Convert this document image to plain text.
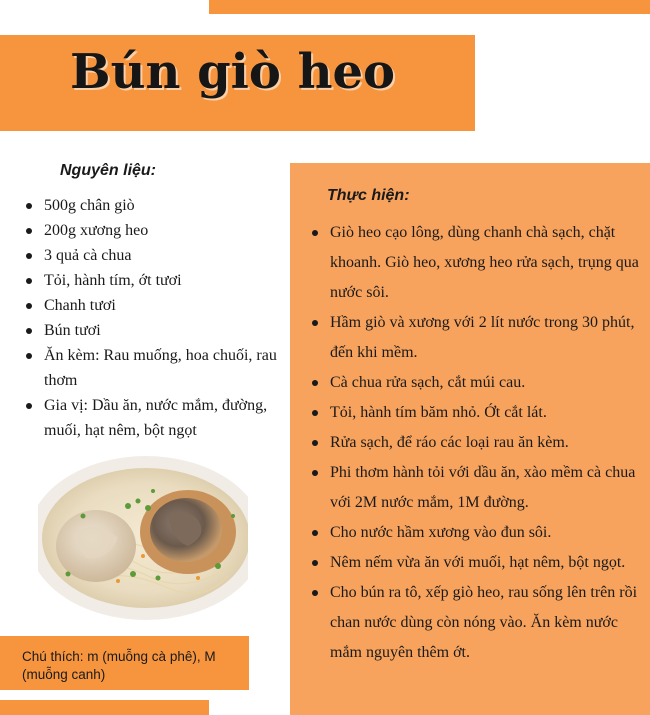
Bún giò heo
Nguyên liệu:
500g chân giò
200g xương heo
3 quả cà chua
Tỏi, hành tím, ớt tươi
Chanh tươi
Bún tươi
Ăn kèm: Rau muống, hoa chuối, rau thơm
Gia vị: Dầu ăn, nước mắm, đường, muối, hạt nêm, bột ngọt
Chú thích: m (muỗng cà phê), M (muỗng canh)
Thực hiện:
Giò heo cạo lông, dùng chanh chà sạch, chặt khoanh. Giò heo, xương heo rửa sạch, trụng qua nước sôi.
Hầm giò và xương với 2 lít nước trong 30 phút, đến khi mềm.
Cà chua rửa sạch, cắt múi cau.
Tỏi, hành tím băm nhỏ. Ớt cắt lát.
Rửa sạch, để ráo các loại rau ăn kèm.
Phi thơm hành tỏi với dầu ăn, xào mềm cà chua với 2M nước mắm, 1M đường.
Cho nước hầm xương vào đun sôi.
Nêm nếm vừa ăn với muối, hạt nêm, bột ngọt.
Cho bún ra tô, xếp giò heo, rau sống lên trên rồi chan nước dùng còn nóng vào. Ăn kèm nước mắm nguyên thêm ớt.
